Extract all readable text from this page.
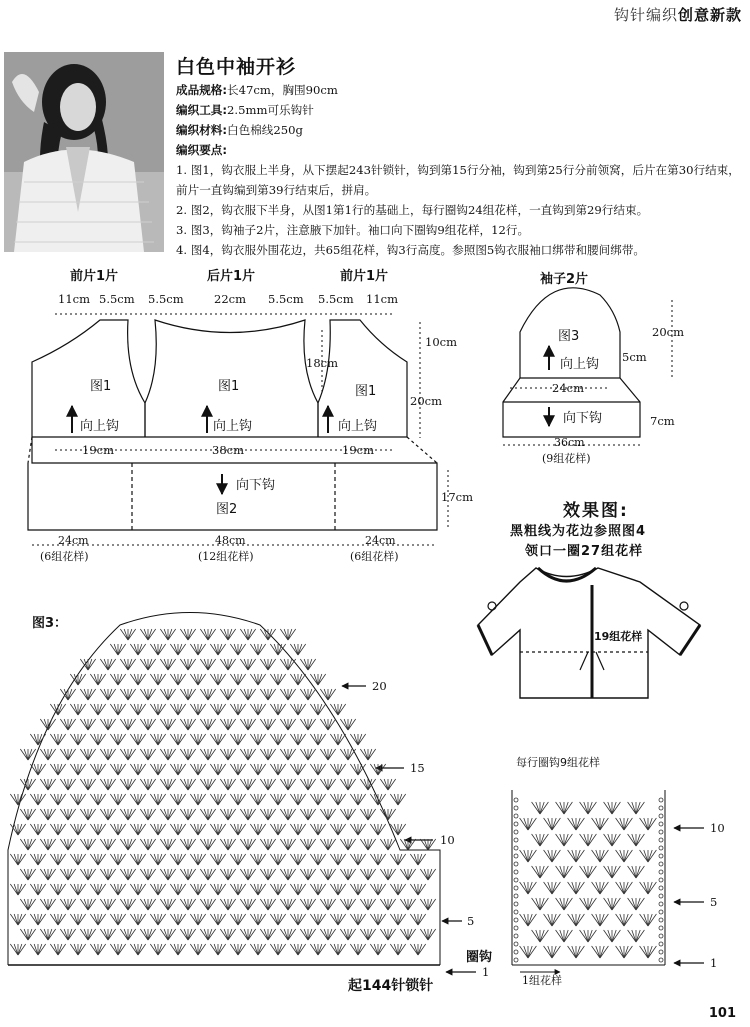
钩针编织创意新款
白色中袖开衫
成品规格:长47cm，胸围90cm
编织工具:2.5mm可乐钩针
编织材料:白色棉线250g
编织要点:
1. 图1，钩衣服上半身，从下摆起243针锁针，钩到第15行分袖，钩到第25行分前领窝，后片在第30行结束，前片一直钩编到第39行结束后，拼肩。
2. 图2，钩衣服下半身，从图1第1行的基础上，每行圈钩24组花样，一直钩到第29行结束。
3. 图3，钩袖子2片，注意腋下加针。袖口向下圈钩9组花样，12行。
4. 图4，钩衣服外围花边，共65组花样，钩3行高度。参照图5钩衣服袖口绑带和腰间绑带。
前片1片	后片1片	前片1片	袖子2片
11cm 5.5cm 5.5cm	22cm 5.5cm 5.5cm 11cm
18cm
图1	图1	图1
向上钩	向上钩	向上钩
10cm
20cm
19cm	38cm	19cm
向下钩
图2
17cm
24cm
(6组花样)
48cm
(12组花样)
24cm
(6组花样)
图3
向上钩
20cm
5cm
24cm
向下钩	7cm
36cm
(9组花样)
效果图:
黑粗线为花边参照图4
领口一圈27组花样
19组花样
图3：
20
15
10
5
1
圈钩
起144针锁针
每行圈钩9组花样
10
5
1
1组花样
101
